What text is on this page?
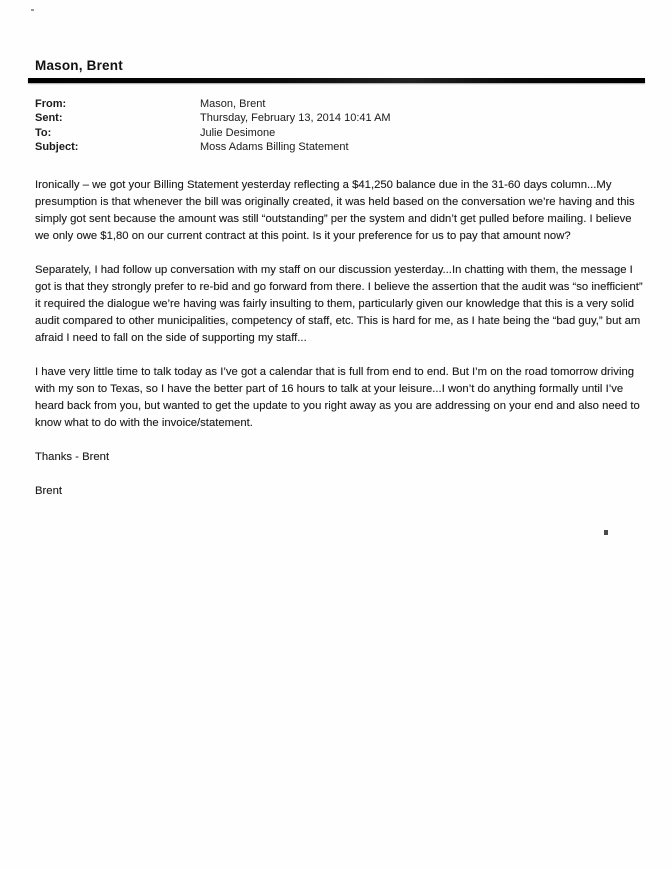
Mason, Brent
From:	Mason, Brent
Sent:	Thursday, February 13, 2014 10:41 AM
To:	Julie Desimone
Subject:	Moss Adams Billing Statement

Ironically – we got your Billing Statement yesterday reflecting a $41,250 balance due in the 31-60 days column...My presumption is that whenever the bill was originally created, it was held based on the conversation we’re having and this simply got sent because the amount was still “outstanding” per the system and didn’t get pulled before mailing. I believe we only owe $1,80 on our current contract at this point. Is it your preference for us to pay that amount now?

Separately, I had follow up conversation with my staff on our discussion yesterday...In chatting with them, the message I got is that they strongly prefer to re-bid and go forward from there. I believe the assertion that the audit was “so inefficient” it required the dialogue we’re having was fairly insulting to them, particularly given our knowledge that this is a very solid audit compared to other municipalities, competency of staff, etc. This is hard for me, as I hate being the “bad guy,” but am afraid I need to fall on the side of supporting my staff...

I have very little time to talk today as I’ve got a calendar that is full from end to end. But I’m on the road tomorrow driving with my son to Texas, so I have the better part of 16 hours to talk at your leisure...I won’t do anything formally until I’ve heard back from you, but wanted to get the update to you right away as you are addressing on your end and also need to know what to do with the invoice/statement.

Thanks - Brent

Brent
